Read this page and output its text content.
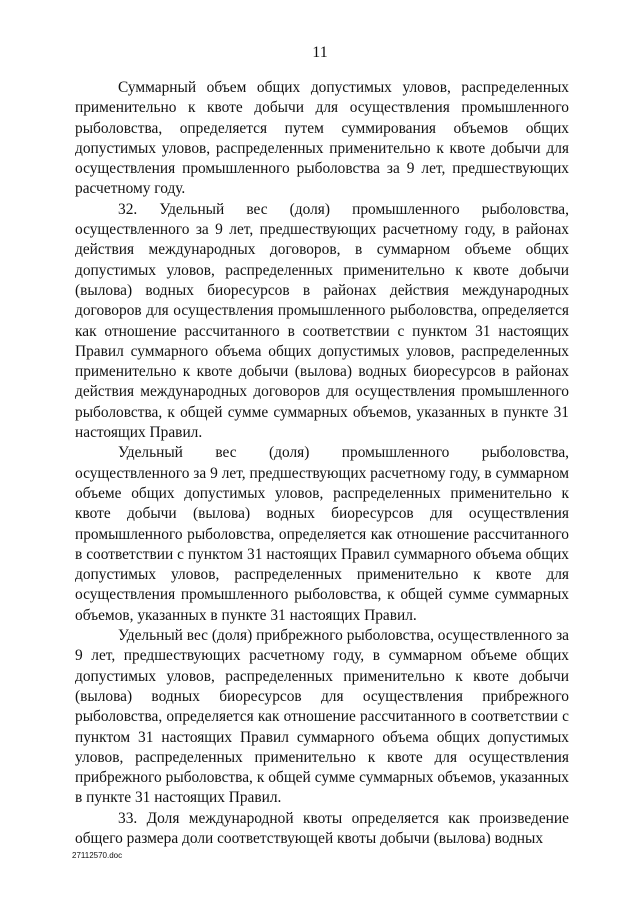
11

Суммарный объем общих допустимых уловов, распределенных применительно к квоте добычи для осуществления промышленного рыболовства, определяется путем суммирования объемов общих допустимых уловов, распределенных применительно к квоте добычи для осуществления промышленного рыболовства за 9 лет, предшествующих расчетному году.

32. Удельный вес (доля) промышленного рыболовства, осуществленного за 9 лет, предшествующих расчетному году, в районах действия международных договоров, в суммарном объеме общих допустимых уловов, распределенных применительно к квоте добычи (вылова) водных биоресурсов в районах действия международных договоров для осуществления промышленного рыболовства, определяется как отношение рассчитанного в соответствии с пунктом 31 настоящих Правил суммарного объема общих допустимых уловов, распределенных применительно к квоте добычи (вылова) водных биоресурсов в районах действия международных договоров для осуществления промышленного рыболовства, к общей сумме суммарных объемов, указанных в пункте 31 настоящих Правил.

Удельный вес (доля) промышленного рыболовства, осуществленного за 9 лет, предшествующих расчетному году, в суммарном объеме общих допустимых уловов, распределенных применительно к квоте добычи (вылова) водных биоресурсов для осуществления промышленного рыболовства, определяется как отношение рассчитанного в соответствии с пунктом 31 настоящих Правил суммарного объема общих допустимых уловов, распределенных применительно к квоте для осуществления промышленного рыболовства, к общей сумме суммарных объемов, указанных в пункте 31 настоящих Правил.

Удельный вес (доля) прибрежного рыболовства, осуществленного за 9 лет, предшествующих расчетному году, в суммарном объеме общих допустимых уловов, распределенных применительно к квоте добычи (вылова) водных биоресурсов для осуществления прибрежного рыболовства, определяется как отношение рассчитанного в соответствии с пунктом 31 настоящих Правил суммарного объема общих допустимых уловов, распределенных применительно к квоте для осуществления прибрежного рыболовства, к общей сумме суммарных объемов, указанных в пункте 31 настоящих Правил.

33. Доля международной квоты определяется как произведение общего размера доли соответствующей квоты добычи (вылова) водных

27112570.doc
